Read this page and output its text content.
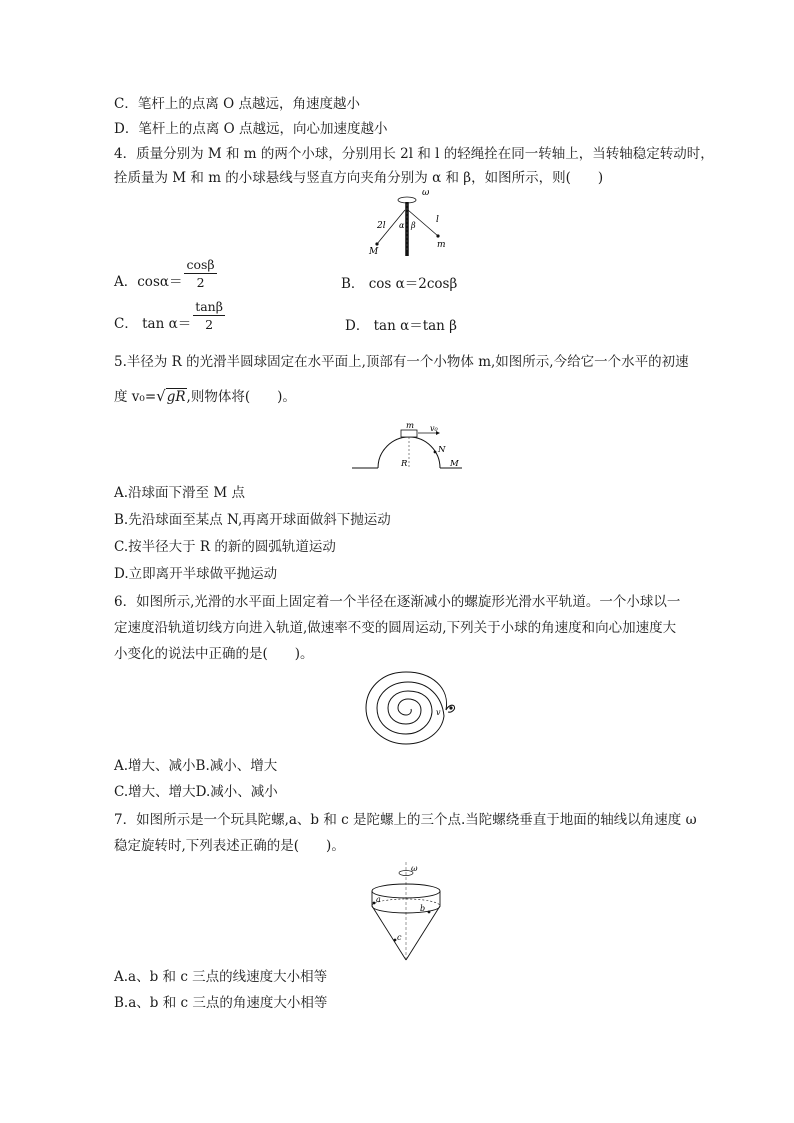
C．笔杆上的点离 O 点越远，角速度越小
D．笔杆上的点离 O 点越远，向心加速度越小
4．质量分别为 M 和 m 的两个小球，分别用长 2l 和 l 的轻绳拴在同一转轴上，当转轴稳定转动时，
拴质量为 M 和 m 的小球悬线与竖直方向夹角分别为 α 和 β，如图所示，则(　　)
ω
2l
l
α β
M
m
A．$\cos\alpha= \frac{\cos\beta}{2}$	B． cos α＝2cosβ
C． $\tan \alpha= \frac{\tan\beta}{2}$	D． tan α＝tan β
5.半径为 R 的光滑半圆球固定在水平面上,顶部有一个小物体 m,如图所示,今给它一个水平的初速
度 v₀=√gR,则物体将(　　)。
m v₀
N
R	M
A.沿球面下滑至 M 点
B.先沿球面至某点 N,再离开球面做斜下抛运动
C.按半径大于 R 的新的圆弧轨道运动
D.立即离开半球做平抛运动
6．如图所示,光滑的水平面上固定着一个半径在逐渐减小的螺旋形光滑水平轨道。一个小球以一
定速度沿轨道切线方向进入轨道,做速率不变的圆周运动,下列关于小球的角速度和向心加速度大
小变化的说法中正确的是(　　)。
v
A.增大、减小B.减小、增大
C.增大、增大D.减小、减小
7．如图所示是一个玩具陀螺,a、b 和 c 是陀螺上的三个点.当陀螺绕垂直于地面的轴线以角速度 ω
稳定旋转时,下列表述正确的是(　　)。
ω
a
b
c
A.a、b 和 c 三点的线速度大小相等
B.a、b 和 c 三点的角速度大小相等
